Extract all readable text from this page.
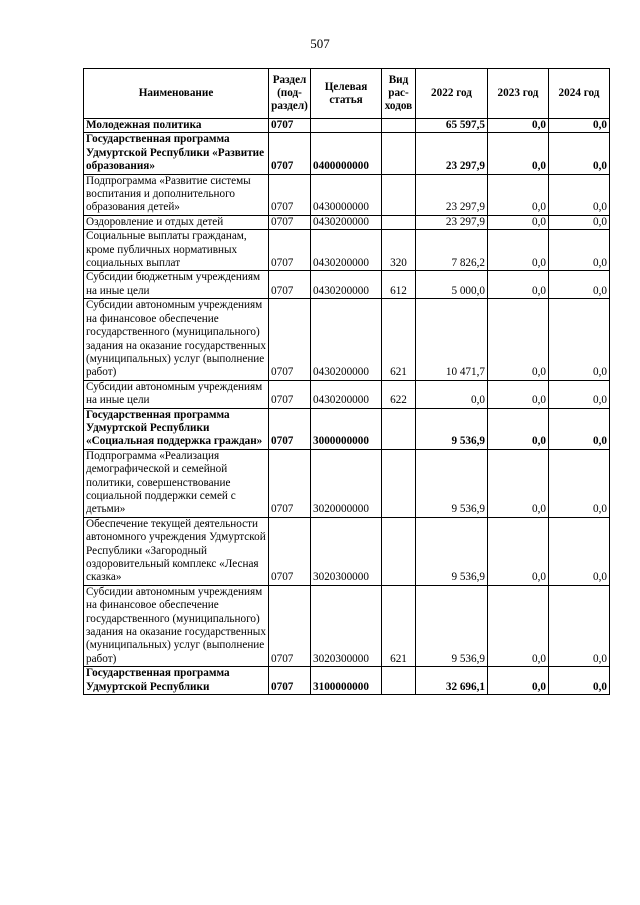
507
Наименование	Раздел (под-раздел)	Целевая статья	Вид рас-ходов	2022 год	2023 год	2024 год
Молодежная политика	0707			65 597,5	0,0	0,0
Государственная программа Удмуртской Республики «Развитие образования»	0707	0400000000		23 297,9	0,0	0,0
Подпрограмма «Развитие системы воспитания и дополнительного образования детей»	0707	0430000000		23 297,9	0,0	0,0
Оздоровление и отдых детей	0707	0430200000		23 297,9	0,0	0,0
Социальные выплаты гражданам, кроме публичных нормативных социальных выплат	0707	0430200000	320	7 826,2	0,0	0,0
Субсидии бюджетным учреждениям на иные цели	0707	0430200000	612	5 000,0	0,0	0,0
Субсидии автономным учреждениям на финансовое обеспечение государственного (муниципального) задания на оказание государственных (муниципальных) услуг (выполнение работ)	0707	0430200000	621	10 471,7	0,0	0,0
Субсидии автономным учреждениям на иные цели	0707	0430200000	622	0,0	0,0	0,0
Государственная программа Удмуртской Республики «Социальная поддержка граждан»	0707	3000000000		9 536,9	0,0	0,0
Подпрограмма «Реализация демографической и семейной политики, совершенствование социальной поддержки семей с детьми»	0707	3020000000		9 536,9	0,0	0,0
Обеспечение текущей деятельности автономного учреждения Удмуртской Республики «Загородный оздоровительный комплекс «Лесная сказка»	0707	3020300000		9 536,9	0,0	0,0
Субсидии автономным учреждениям на финансовое обеспечение государственного (муниципального) задания на оказание государственных (муниципальных) услуг (выполнение работ)	0707	3020300000	621	9 536,9	0,0	0,0
Государственная программа Удмуртской Республики	0707	3100000000		32 696,1	0,0	0,0
